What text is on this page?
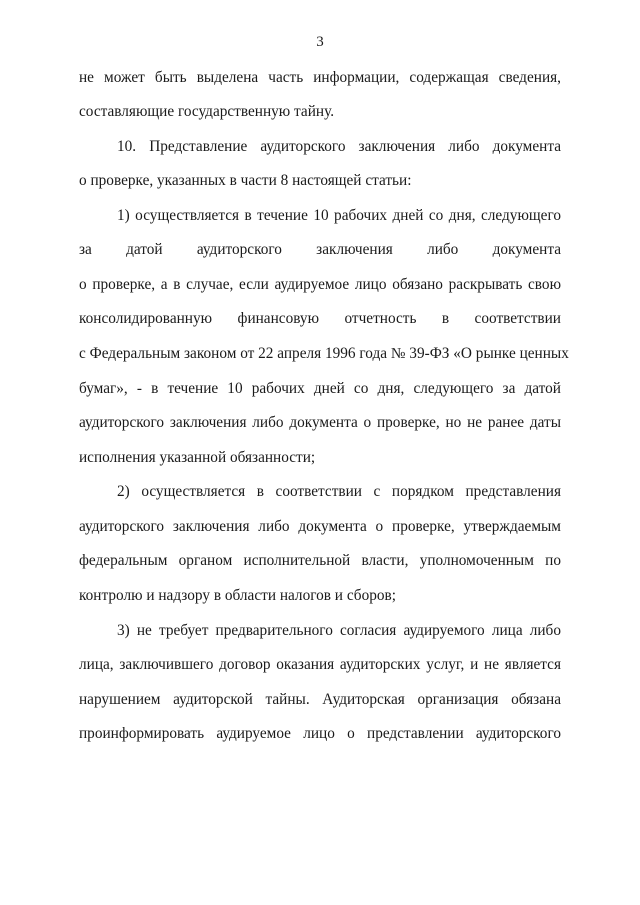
3
не может быть выделена часть информации, содержащая сведения,
составляющие государственную тайну.
10. Представление аудиторского заключения либо документа
о проверке, указанных в части 8 настоящей статьи:
1) осуществляется в течение 10 рабочих дней со дня, следующего
за датой аудиторского заключения либо документа
о проверке, а в случае, если аудируемое лицо обязано раскрывать свою
консолидированную финансовую отчетность в соответствии
с Федеральным законом от 22 апреля 1996 года № 39-ФЗ «О рынке ценных
бумаг», - в течение 10 рабочих дней со дня, следующего за датой
аудиторского заключения либо документа о проверке, но не ранее даты
исполнения указанной обязанности;
2) осуществляется в соответствии с порядком представления
аудиторского заключения либо документа о проверке, утверждаемым
федеральным органом исполнительной власти, уполномоченным по
контролю и надзору в области налогов и сборов;
3) не требует предварительного согласия аудируемого лица либо
лица, заключившего договор оказания аудиторских услуг, и не является
нарушением аудиторской тайны. Аудиторская организация обязана
проинформировать аудируемое лицо о представлении аудиторского
